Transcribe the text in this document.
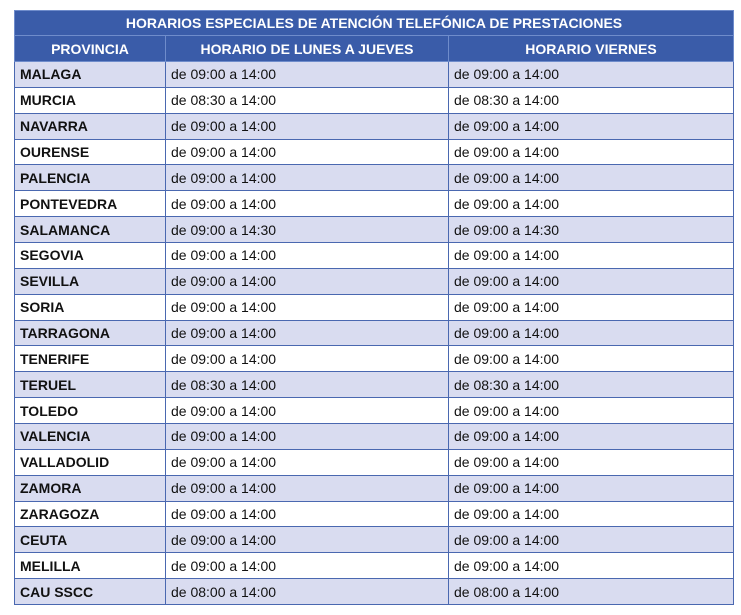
HORARIOS ESPECIALES DE ATENCIÓN TELEFÓNICA DE PRESTACIONES		
PROVINCIA	HORARIO DE LUNES A JUEVES	HORARIO VIERNES
MALAGA	de 09:00 a 14:00	de 09:00 a 14:00
MURCIA	de 08:30 a 14:00	de 08:30 a 14:00
NAVARRA	de 09:00 a 14:00	de 09:00 a 14:00
OURENSE	de 09:00 a 14:00	de 09:00 a 14:00
PALENCIA	de 09:00 a 14:00	de 09:00 a 14:00
PONTEVEDRA	de 09:00 a 14:00	de 09:00 a 14:00
SALAMANCA	de 09:00 a 14:30	de 09:00 a 14:30
SEGOVIA	de 09:00 a 14:00	de 09:00 a 14:00
SEVILLA	de 09:00 a 14:00	de 09:00 a 14:00
SORIA	de 09:00 a 14:00	de 09:00 a 14:00
TARRAGONA	de 09:00 a 14:00	de 09:00 a 14:00
TENERIFE	de 09:00 a 14:00	de 09:00 a 14:00
TERUEL	de 08:30 a 14:00	de 08:30 a 14:00
TOLEDO	de 09:00 a 14:00	de 09:00 a 14:00
VALENCIA	de 09:00 a 14:00	de 09:00 a 14:00
VALLADOLID	de 09:00 a 14:00	de 09:00 a 14:00
ZAMORA	de 09:00 a 14:00	de 09:00 a 14:00
ZARAGOZA	de 09:00 a 14:00	de 09:00 a 14:00
CEUTA	de 09:00 a 14:00	de 09:00 a 14:00
MELILLA	de 09:00 a 14:00	de 09:00 a 14:00
CAU SSCC	de 08:00 a 14:00	de 08:00 a 14:00
